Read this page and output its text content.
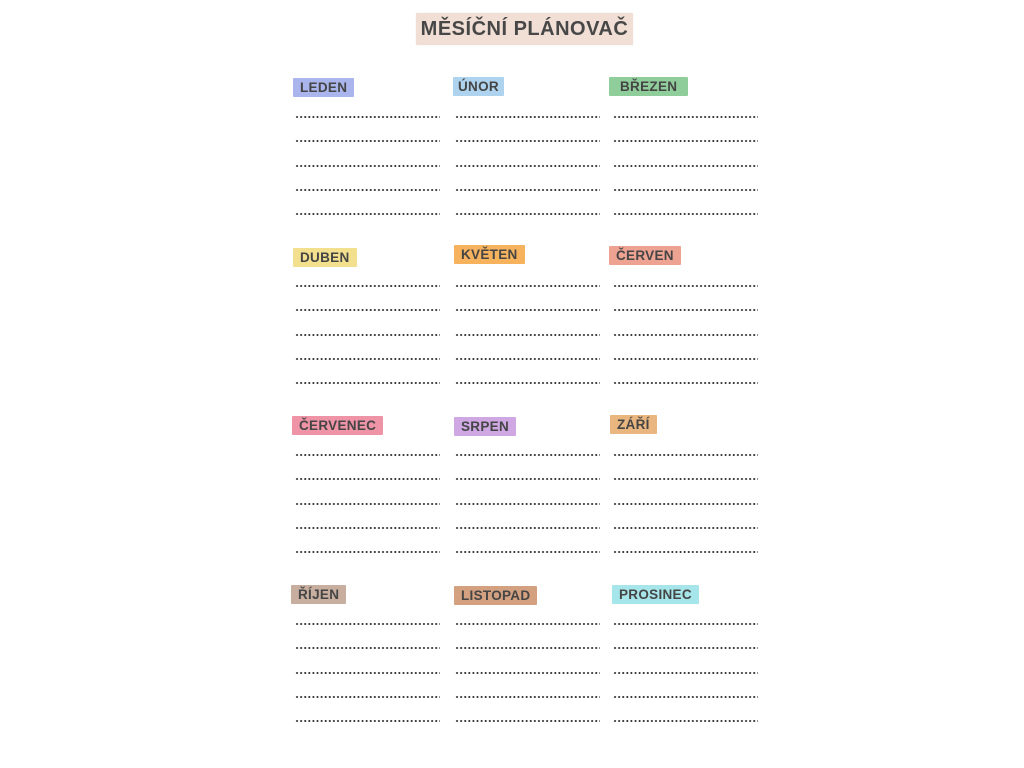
MĚSÍČNÍ PLÁNOVAČ
LEDEN	ÚNOR	BŘEZEN
DUBEN	KVĚTEN	ČERVEN
ČERVENEC	SRPEN	ZÁŘÍ
ŘÍJEN	LISTOPAD	PROSINEC
